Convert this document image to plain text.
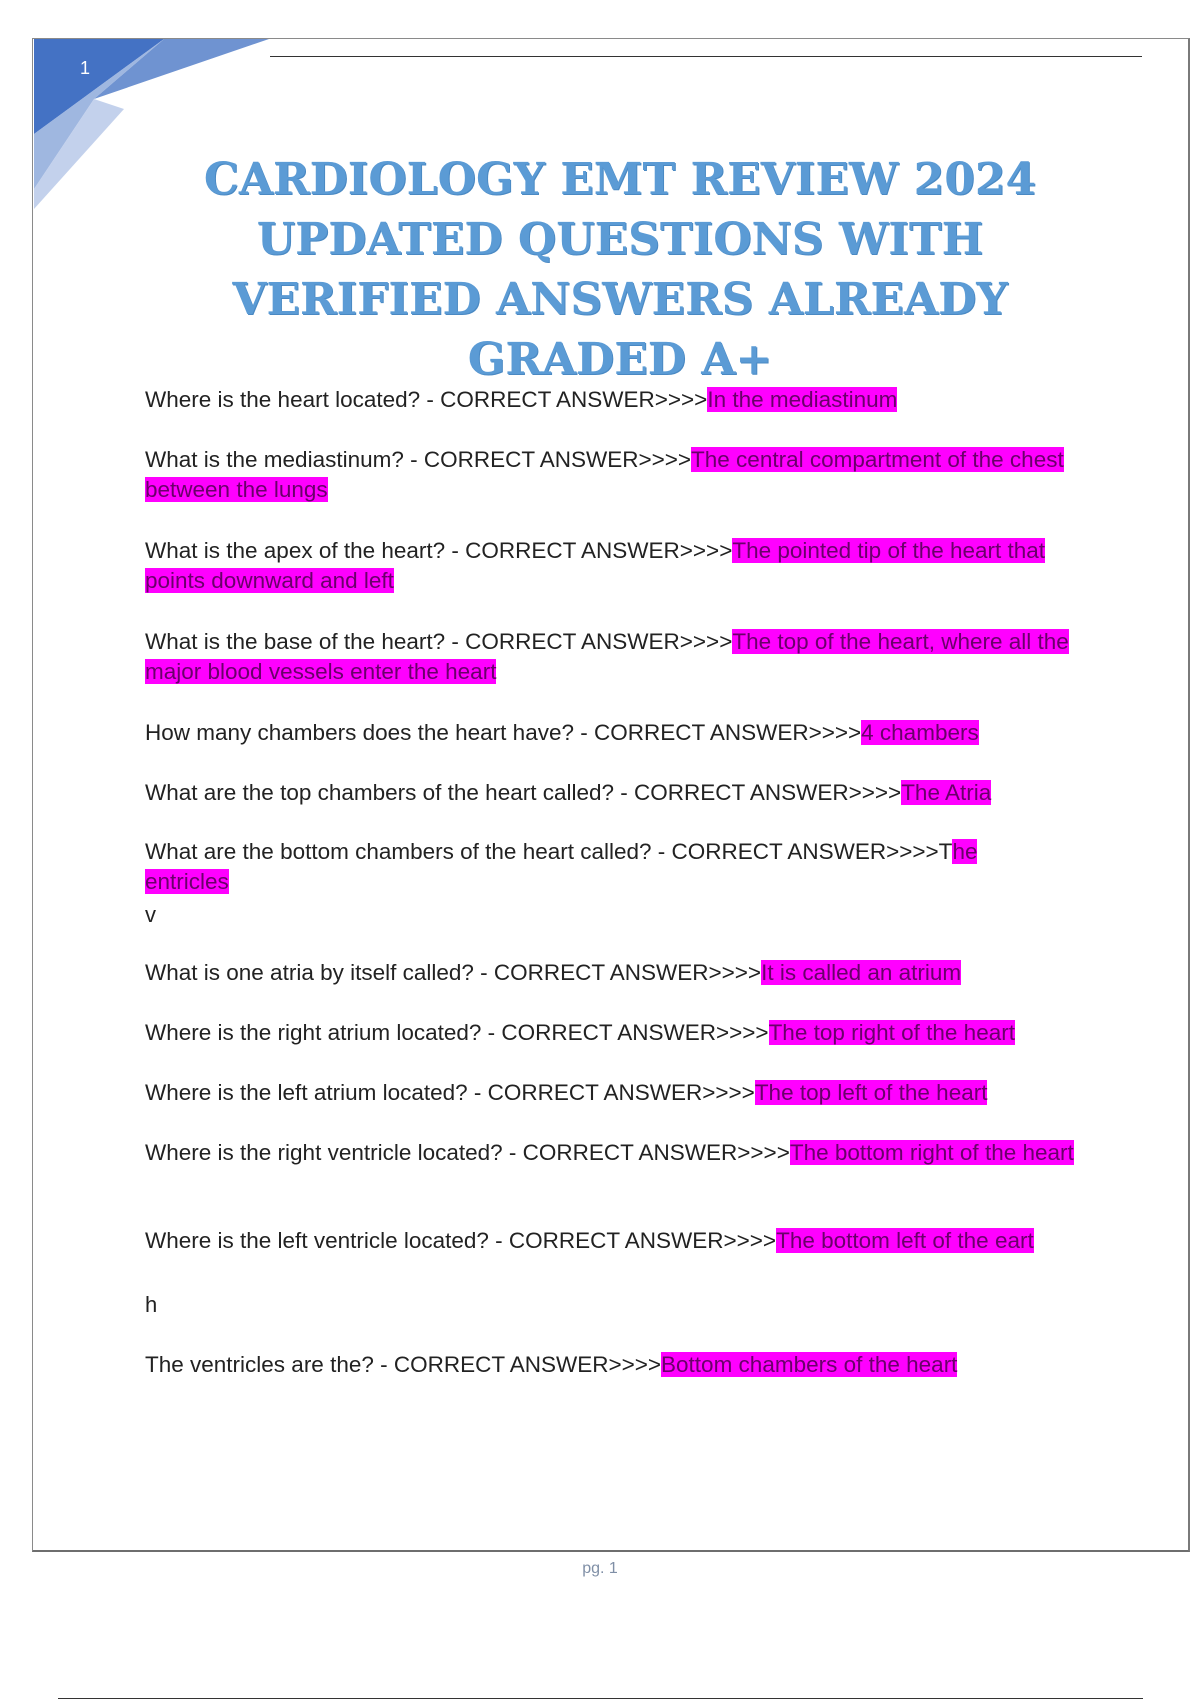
1
CARDIOLOGY EMT REVIEW 2024
UPDATED QUESTIONS WITH
VERIFIED ANSWERS ALREADY
GRADED A+
Where is the heart located? - CORRECT ANSWER>>>>In the mediastinum
What is the mediastinum? - CORRECT ANSWER>>>>The central compartment of the chest between the lungs
What is the apex of the heart? - CORRECT ANSWER>>>>The pointed tip of the heart that points downward and left
What is the base of the heart? - CORRECT ANSWER>>>>The top of the heart, where all the major blood vessels enter the heart
How many chambers does the heart have? - CORRECT ANSWER>>>>4 chambers
What are the top chambers of the heart called? - CORRECT ANSWER>>>>The Atria
What are the bottom chambers of the heart called? - CORRECT ANSWER>>>>The entricles
v
What is one atria by itself called? - CORRECT ANSWER>>>>It is called an atrium
Where is the right atrium located? - CORRECT ANSWER>>>>The top right of the heart
Where is the left atrium located? - CORRECT ANSWER>>>>The top left of the heart
Where is the right ventricle located? - CORRECT ANSWER>>>>The bottom right of the heart
Where is the left ventricle located? - CORRECT ANSWER>>>>The bottom left of the eart
h
The ventricles are the? - CORRECT ANSWER>>>>Bottom chambers of the heart
pg. 1
